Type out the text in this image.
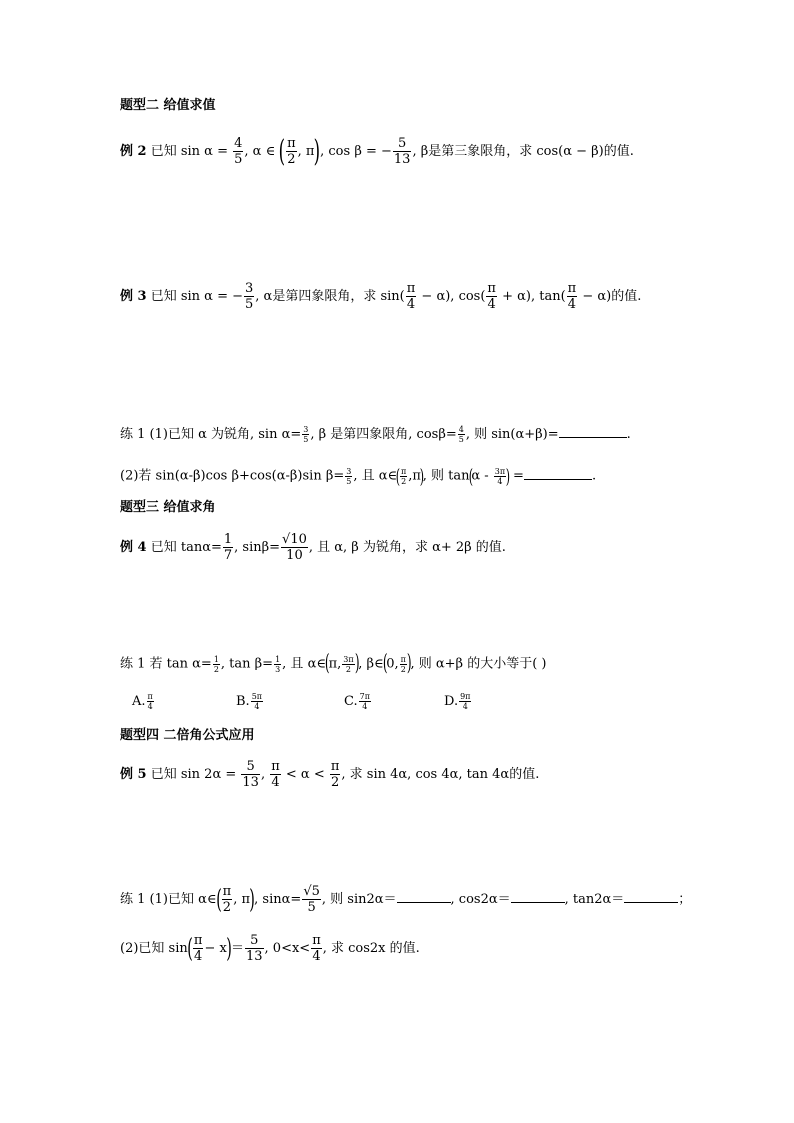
题型二 给值求值
例 2 已知 $\sin \alpha = \frac{4}{5}$ , α ∈ ( $\frac{\pi}{2}$ , π), cos β = − $\frac{5}{13}$ , β是第三象限角，求 cos(α − β)的值.
例 3 已知 sin α = − $\frac{3}{5}$ , α是第四象限角，求 $\sin( \frac{\pi}{4} - \alpha)$, $\cos( \frac{\pi}{4} + \alpha)$, $\tan( \frac{\pi}{4} - \alpha)$的值.
练 1 (1)已知 α 为锐角, $\sin \alpha= \frac{3}{5}$ , β 是第四象限角, $\cos\beta= \frac{4}{5}$ , 则 sin(α+β)=	.
(2)若 sin(α-β)cos β+cos(α-β)sin $\beta= \frac{3}{5}$ , 且 α∈( $\frac{\pi}{2} ,\pi$), 则 $\tan(\alpha - \frac{3\pi}{4}$ ) =	.
题型三 给值求角
例 4 已知 $\tan\alpha= \frac{1}{7}$ , $\sin\beta= \frac{√10}{10}$ , 且 α, β 为锐角，求 α+ 2β 的值.
练 1 若 $\tan \alpha= \frac{1}{2}$ , $\tan \beta= \frac{1}{3}$ , 且 α∈(π, $\frac{3\pi}{2}$ ), β∈(0, $\frac{\pi}{2}$ ), 则 α+β 的大小等于( )
A. $\frac{\pi}{4}$	B. $\frac{5\pi}{4}$	C. $\frac{7\pi}{4}$	D. $\frac{9\pi}{4}$
题型四 二倍角公式应用
例 5 已知 $\sin 2\alpha = \frac{5}{13}$ , $\frac{\pi}{4} < \alpha < \frac{\pi}{2}$ , 求 sin 4α, cos 4α, tan 4α的值.
练 1 (1)已知 α∈( $\frac{\pi}{2}$ , π), $\sin\alpha= \frac{√5}{5}$ , 则 sin2α＝	, cos2α＝	, tan2α＝	；
(2)已知 $\sin( \frac{\pi}{4} - x)= \frac{5}{13}$ , $0<x< \frac{\pi}{4}$ , 求 cos2x 的值.
